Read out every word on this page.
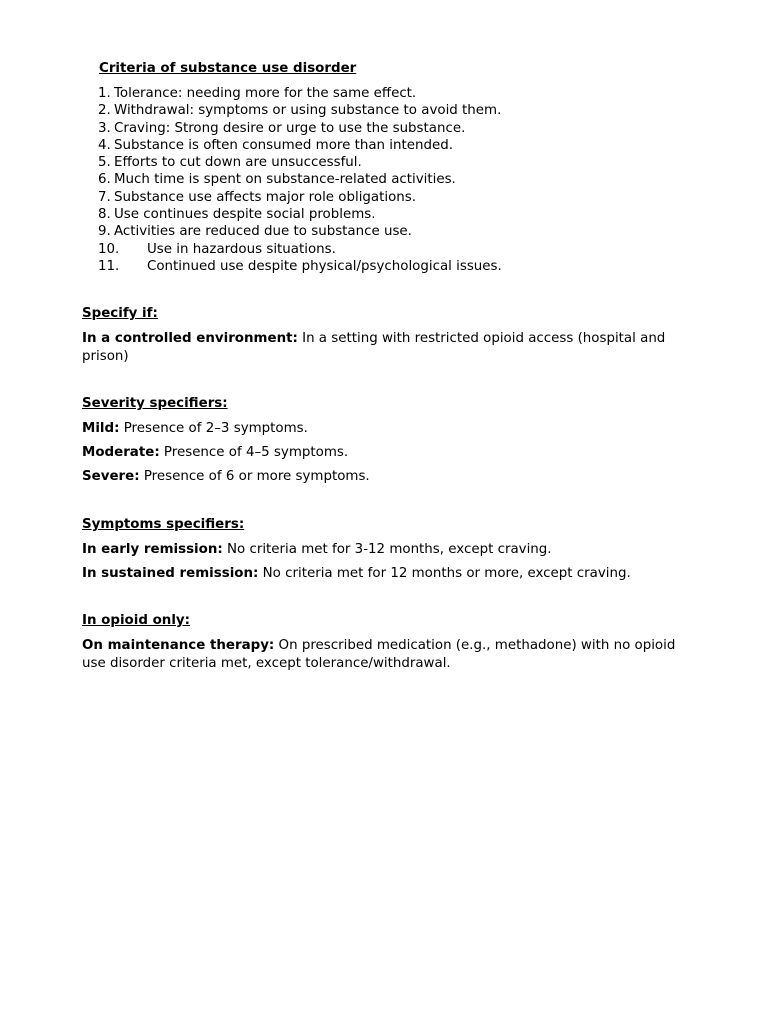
Criteria of substance use disorder
1. Tolerance: needing more for the same effect.
2. Withdrawal: symptoms or using substance to avoid them.
3. Craving: Strong desire or urge to use the substance.
4. Substance is often consumed more than intended.
5. Efforts to cut down are unsuccessful.
6. Much time is spent on substance-related activities.
7. Substance use affects major role obligations.
8. Use continues despite social problems.
9. Activities are reduced due to substance use.
10. Use in hazardous situations.
11. Continued use despite physical/psychological issues.
Specify if:
In a controlled environment: In a setting with restricted opioid access (hospital and prison)
Severity specifiers:
Mild: Presence of 2–3 symptoms.
Moderate: Presence of 4–5 symptoms.
Severe: Presence of 6 or more symptoms.
Symptoms specifiers:
In early remission: No criteria met for 3-12 months, except craving.
In sustained remission: No criteria met for 12 months or more, except craving.
In opioid only:
On maintenance therapy: On prescribed medication (e.g., methadone) with no opioid use disorder criteria met, except tolerance/withdrawal.
